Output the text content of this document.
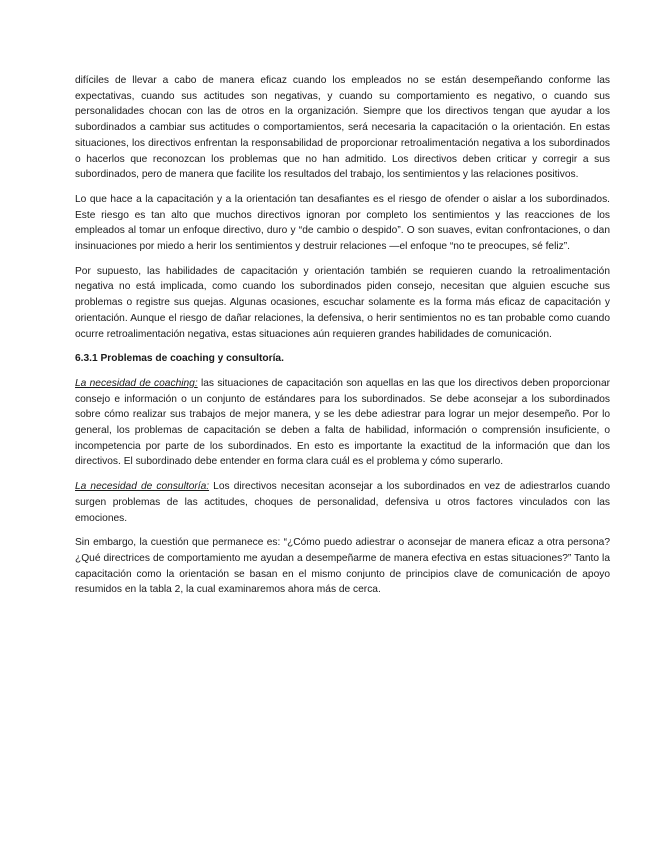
difíciles de llevar a cabo de manera eficaz cuando los empleados no se están desempeñando conforme las expectativas, cuando sus actitudes son negativas, y cuando su comportamiento es negativo, o cuando sus personalidades chocan con las de otros en la organización. Siempre que los directivos tengan que ayudar a los subordinados a cambiar sus actitudes o comportamientos, será necesaria la capacitación o la orientación. En estas situaciones, los directivos enfrentan la responsabilidad de proporcionar retroalimentación negativa a los subordinados o hacerlos que reconozcan los problemas que no han admitido. Los directivos deben criticar y corregir a sus subordinados, pero de manera que facilite los resultados del trabajo, los sentimientos y las relaciones positivos.

Lo que hace a la capacitación y a la orientación tan desafiantes es el riesgo de ofender o aislar a los subordinados. Este riesgo es tan alto que muchos directivos ignoran por completo los sentimientos y las reacciones de los empleados al tomar un enfoque directivo, duro y “de cambio o despido”. O son suaves, evitan confrontaciones, o dan insinuaciones por miedo a herir los sentimientos y destruir relaciones —el enfoque “no te preocupes, sé feliz”.

Por supuesto, las habilidades de capacitación y orientación también se requieren cuando la retroalimentación negativa no está implicada, como cuando los subordinados piden consejo, necesitan que alguien escuche sus problemas o registre sus quejas. Algunas ocasiones, escuchar solamente es la forma más eficaz de capacitación y orientación. Aunque el riesgo de dañar relaciones, la defensiva, o herir sentimientos no es tan probable como cuando ocurre retroalimentación negativa, estas situaciones aún requieren grandes habilidades de comunicación.

6.3.1 Problemas de coaching y consultoría.

La necesidad de coaching: las situaciones de capacitación son aquellas en las que los directivos deben proporcionar consejo e información o un conjunto de estándares para los subordinados. Se debe aconsejar a los subordinados sobre cómo realizar sus trabajos de mejor manera, y se les debe adiestrar para lograr un mejor desempeño. Por lo general, los problemas de capacitación se deben a falta de habilidad, información o comprensión insuficiente, o incompetencia por parte de los subordinados. En esto es importante la exactitud de la información que dan los directivos. El subordinado debe entender en forma clara cuál es el problema y cómo superarlo.

La necesidad de consultoría: Los directivos necesitan aconsejar a los subordinados en vez de adiestrarlos cuando surgen problemas de las actitudes, choques de personalidad, defensiva u otros factores vinculados con las emociones.

Sin embargo, la cuestión que permanece es: “¿Cómo puedo adiestrar o aconsejar de manera eficaz a otra persona? ¿Qué directrices de comportamiento me ayudan a desempeñarme de manera efectiva en estas situaciones?” Tanto la capacitación como la orientación se basan en el mismo conjunto de principios clave de comunicación de apoyo resumidos en la tabla 2, la cual examinaremos ahora más de cerca.
